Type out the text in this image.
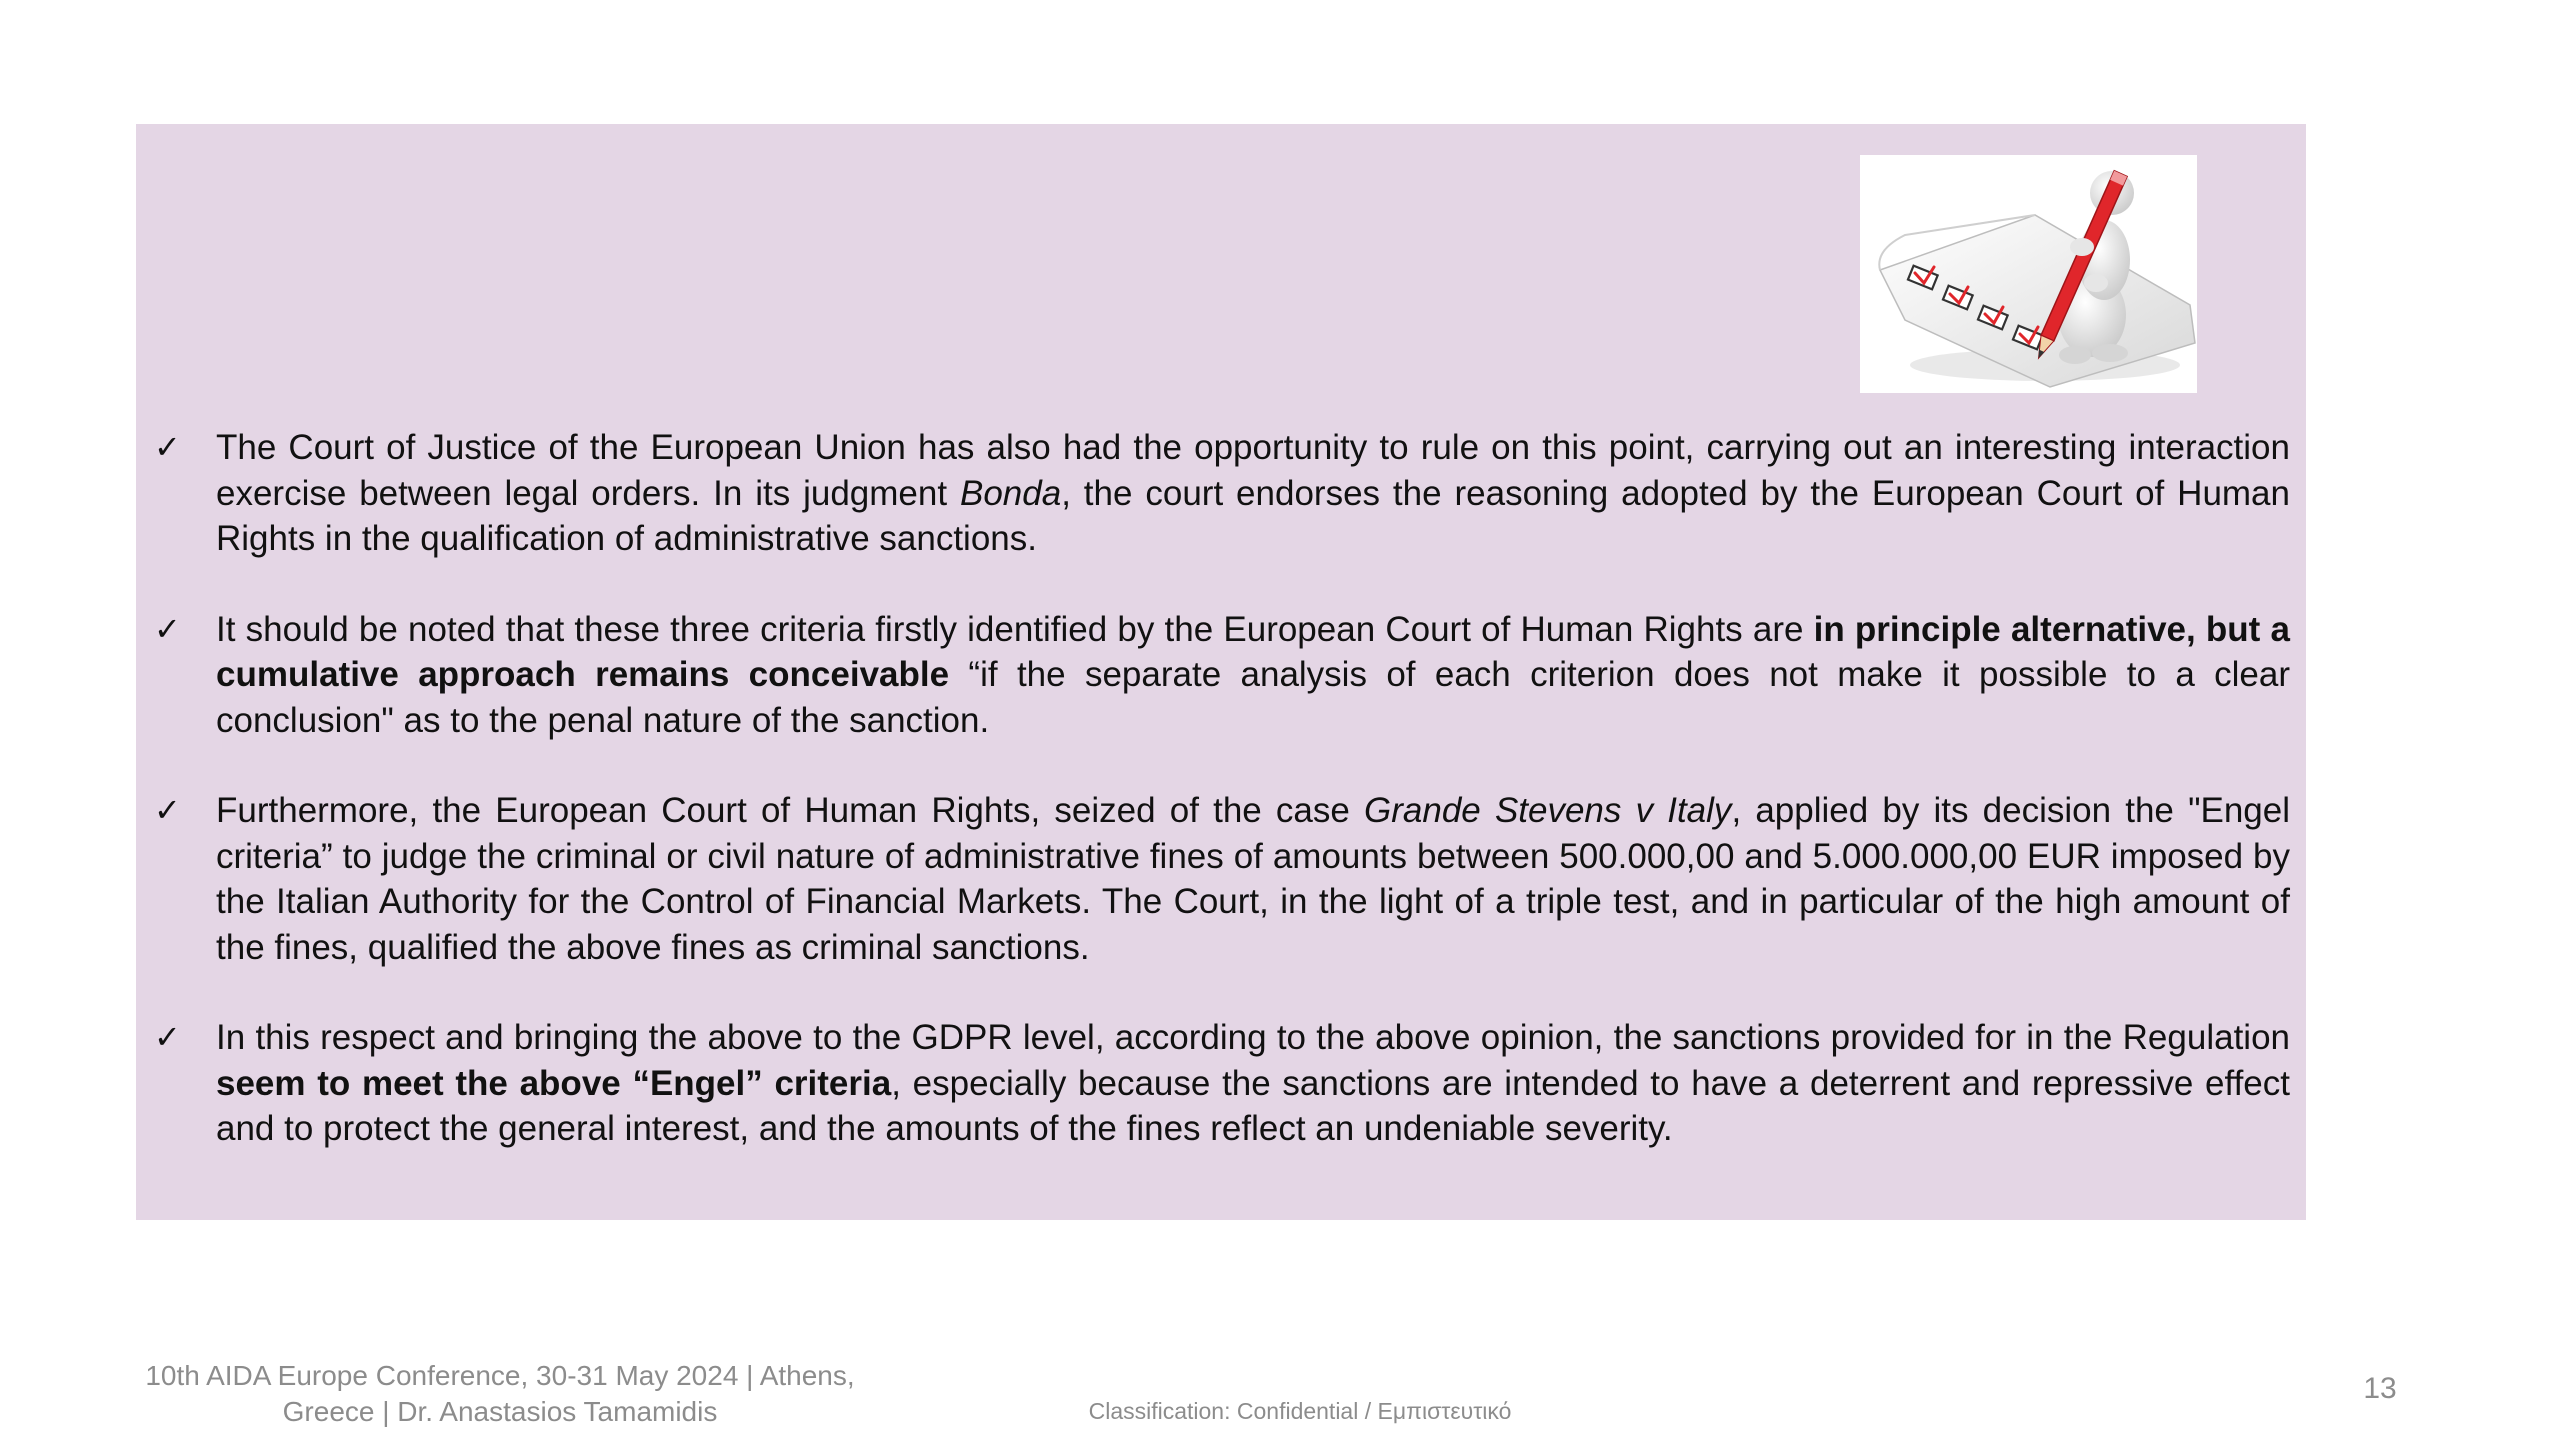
✓ The Court of Justice of the European Union has also had the opportunity to rule on this point, carrying out an interesting interaction exercise between legal orders. In its judgment Bonda, the court endorses the reasoning adopted by the European Court of Human Rights in the qualification of administrative sanctions.
✓ It should be noted that these three criteria firstly identified by the European Court of Human Rights are in principle alternative, but a cumulative approach remains conceivable “if the separate analysis of each criterion does not make it possible to a clear conclusion" as to the penal nature of the sanction.
✓ Furthermore, the European Court of Human Rights, seized of the case Grande Stevens v Italy, applied by its decision the "Engel criteria” to judge the criminal or civil nature of administrative fines of amounts between 500.000,00 and 5.000.000,00 EUR imposed by the Italian Authority for the Control of Financial Markets. The Court, in the light of a triple test, and in particular of the high amount of the fines, qualified the above fines as criminal sanctions.
✓ In this respect and bringing the above to the GDPR level, according to the above opinion, the sanctions provided for in the Regulation seem to meet the above “Engel” criteria, especially because the sanctions are intended to have a deterrent and repressive effect and to protect the general interest, and the amounts of the fines reflect an undeniable severity.
10th AIDA Europe Conference, 30-31 May 2024 | Athens,
Greece | Dr. Anastasios Tamamidis	Classification: Confidential / Εμπιστευτικό
13
